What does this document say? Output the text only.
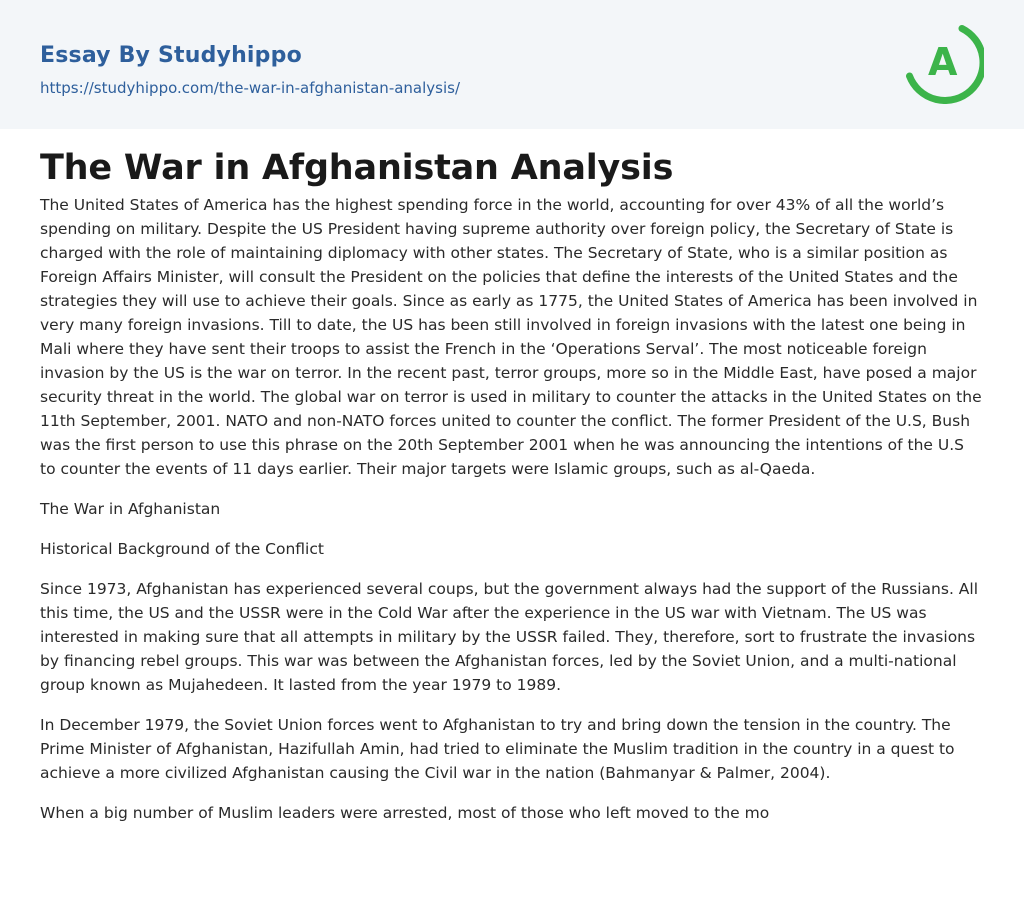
Essay By Studyhippo
https://studyhippo.com/the-war-in-afghanistan-analysis/
A
The War in Afghanistan Analysis

The United States of America has the highest spending force in the world, accounting for over 43% of all the world’s spending on military. Despite the US President having supreme authority over foreign policy, the Secretary of State is charged with the role of maintaining diplomacy with other states. The Secretary of State, who is a similar position as Foreign Affairs Minister, will consult the President on the policies that define the interests of the United States and the strategies they will use to achieve their goals. Since as early as 1775, the United States of America has been involved in very many foreign invasions. Till to date, the US has been still involved in foreign invasions with the latest one being in Mali where they have sent their troops to assist the French in the ‘Operations Serval’. The most noticeable foreign invasion by the US is the war on terror. In the recent past, terror groups, more so in the Middle East, have posed a major security threat in the world. The global war on terror is used in military to counter the attacks in the United States on the 11th September, 2001. NATO and non-NATO forces united to counter the conflict. The former President of the U.S, Bush was the first person to use this phrase on the 20th September 2001 when he was announcing the intentions of the U.S to counter the events of 11 days earlier. Their major targets were Islamic groups, such as al-Qaeda.

The War in Afghanistan

Historical Background of the Conflict

Since 1973, Afghanistan has experienced several coups, but the government always had the support of the Russians. All this time, the US and the USSR were in the Cold War after the experience in the US war with Vietnam. The US was interested in making sure that all attempts in military by the USSR failed. They, therefore, sort to frustrate the invasions by financing rebel groups. This war was between the Afghanistan forces, led by the Soviet Union, and a multi-national group known as Mujahedeen. It lasted from the year 1979 to 1989.

In December 1979, the Soviet Union forces went to Afghanistan to try and bring down the tension in the country. The Prime Minister of Afghanistan, Hazifullah Amin, had tried to eliminate the Muslim tradition in the country in a quest to achieve a more civilized Afghanistan causing the Civil war in the nation (Bahmanyar & Palmer, 2004).

When a big number of Muslim leaders were arrested, most of those who left moved to the mo
